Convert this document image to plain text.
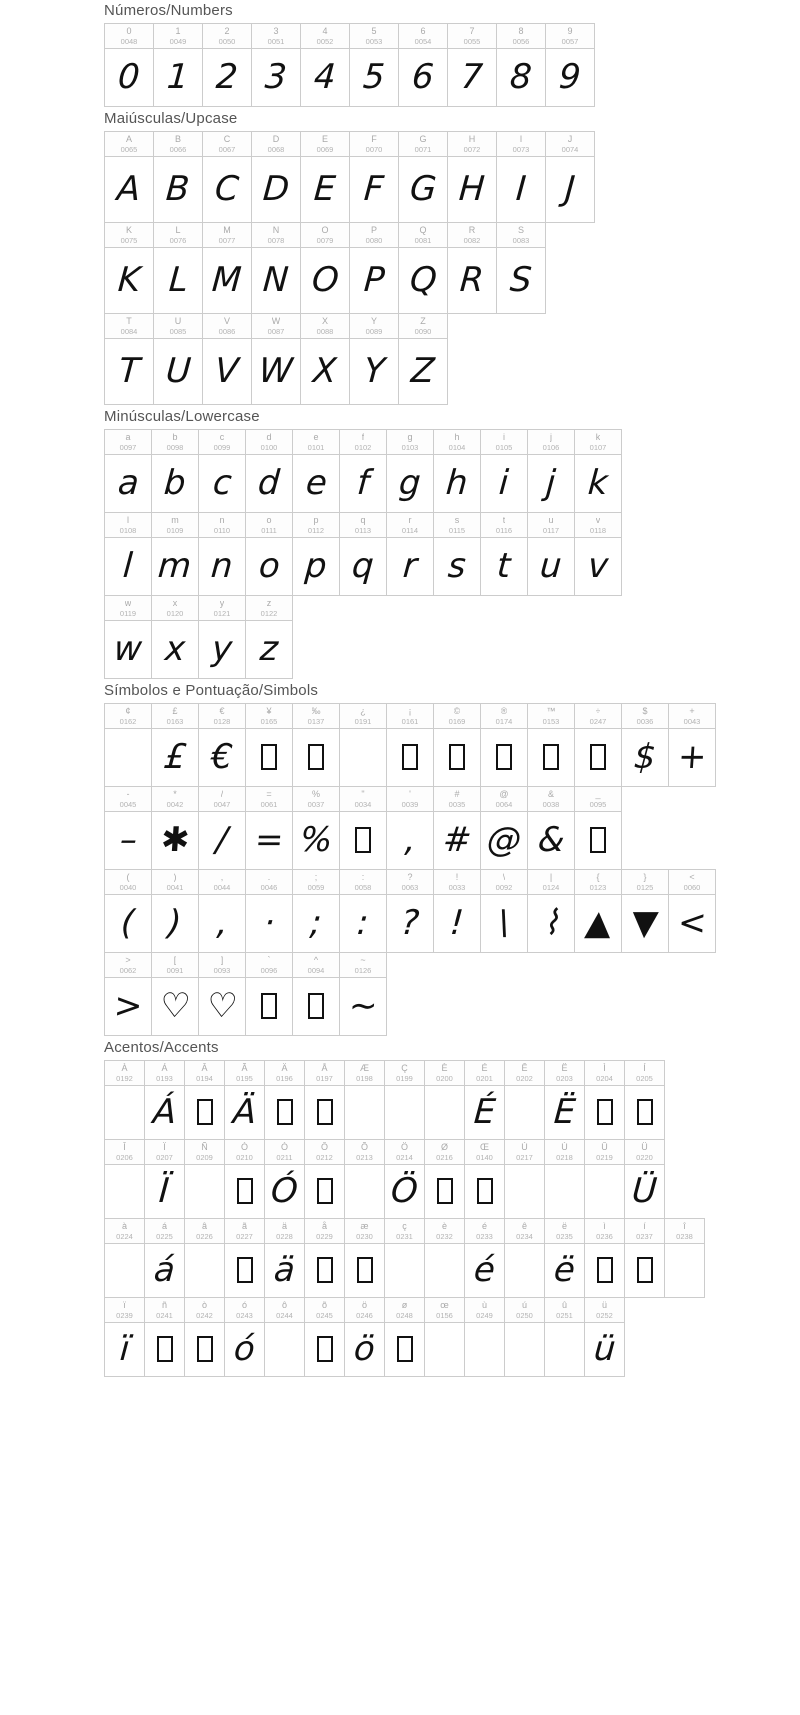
Números/Numbers
0
0048
0
1
0049
1
2
0050
2
3
0051
3
4
0052
4
5
0053
5
6
0054
6
7
0055
7
8
0056
8
9
0057
9
Maiúsculas/Upcase
A
0065
A
B
0066
B
C
0067
C
D
0068
D
E
0069
E
F
0070
F
G
0071
G
H
0072
H
I
0073
I
J
0074
J
K
0075
K
L
0076
L
M
0077
M
N
0078
N
O
0079
O
P
0080
P
Q
0081
Q
R
0082
R
S
0083
S
T
0084
T
U
0085
U
V
0086
V
W
0087
W
X
0088
X
Y
0089
Y
Z
0090
Z
Minúsculas/Lowercase
a
0097
a
b
0098
b
c
0099
c
d
0100
d
e
0101
e
f
0102
f
g
0103
g
h
0104
h
i
0105
i
j
0106
j
k
0107
k
l
0108
l
m
0109
m
n
0110
n
o
0111
o
p
0112
p
q
0113
q
r
0114
r
s
0115
s
t
0116
t
u
0117
u
v
0118
v
w
0119
w
x
0120
x
y
0121
y
z
0122
z
Símbolos e Pontuação/Simbols
¢
0162
£
0163
£
€
0128
€
¥
0165
‰
0137
¿
0191
¡
0161
©
0169
®
0174
™
0153
÷
0247
$
0036
$
+
0043
+
-
0045
–
*
0042
✱
/
0047
/
=
0061
=
%
0037
%
"
0034
'
0039
,
#
0035
#
@
0064
@
&
0038
&
_
0095
(
0040
(
)
0041
)
,
0044
,
.
0046
·
;
0059
;
:
0058
:
?
0063
?
!
0033
!
\
0092
\
|
0124
⌇
{
0123
▲
}
0125
▼
<
0060
<
>
0062
>
[
0091
♡
]
0093
♡
`
0096
^
0094
~
0126
∼
Acentos/Accents
À
0192
Á
0193
Á
Â
0194
Ã
0195
Ä
Ä
0196
Å
0197
Æ
0198
Ç
0199
È
0200
É
0201
É
Ê
0202
Ë
0203
Ë
Ì
0204
Í
0205
Î
0206
Ï
0207
Ï
Ñ
0209
Ò
0210
Ó
0211
Ó
Ô
0212
Õ
0213
Ö
0214
Ö
Ø
0216
Œ
0140
Ù
0217
Ú
0218
Û
0219
Ü
0220
Ü
à
0224
á
0225
á
â
0226
ã
0227
ä
0228
ä
å
0229
æ
0230
ç
0231
è
0232
é
0233
é
ê
0234
ë
0235
ë
ì
0236
í
0237
î
0238
ï
0239
ï
ñ
0241
ò
0242
ó
0243
ó
ô
0244
õ
0245
ö
0246
ö
ø
0248
œ
0156
ù
0249
ú
0250
û
0251
ü
0252
ü
